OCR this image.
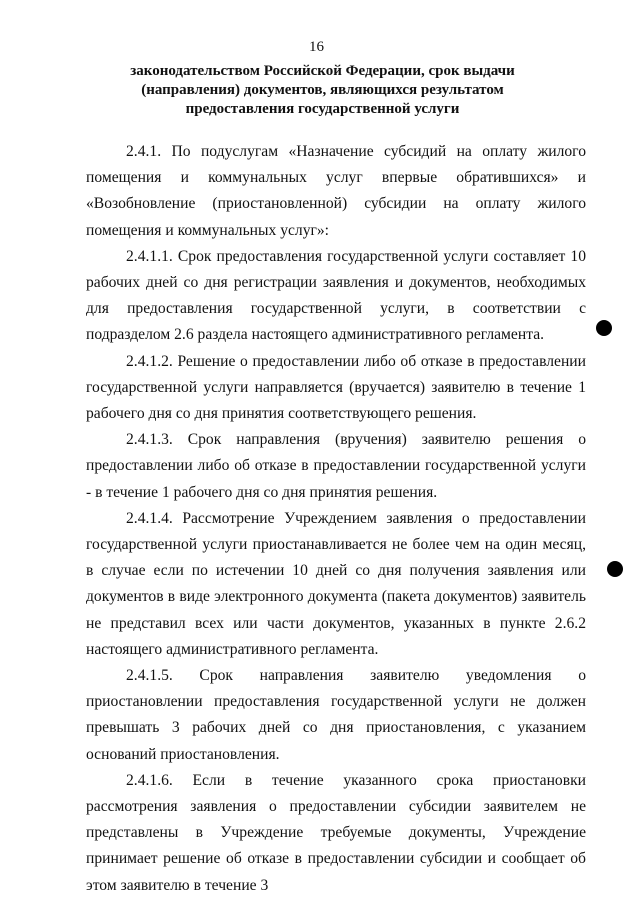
16
законодательством Российской Федерации, срок выдачи
(направления) документов, являющихся результатом
предоставления государственной услуги

2.4.1. По подуслугам «Назначение субсидий на оплату жилого помещения и коммунальных услуг впервые обратившихся» и «Возобновление (приостановленной) субсидии на оплату жилого помещения и коммунальных услуг»:

2.4.1.1. Срок предоставления государственной услуги составляет 10 рабочих дней со дня регистрации заявления и документов, необходимых для предоставления государственной услуги, в соответствии с подразделом 2.6 раздела настоящего административного регламента.

2.4.1.2. Решение о предоставлении либо об отказе в предоставлении государственной услуги направляется (вручается) заявителю в течение 1 рабочего дня со дня принятия соответствующего решения.

2.4.1.3. Срок направления (вручения) заявителю решения о предоставлении либо об отказе в предоставлении государственной услуги - в течение 1 рабочего дня со дня принятия решения.

2.4.1.4. Рассмотрение Учреждением заявления о предоставлении государственной услуги приостанавливается не более чем на один месяц, в случае если по истечении 10 дней со дня получения заявления или документов в виде электронного документа (пакета документов) заявитель не представил всех или части документов, указанных в пункте 2.6.2 настоящего административного регламента.

2.4.1.5. Срок направления заявителю уведомления о приостановлении предоставления государственной услуги не должен превышать 3 рабочих дней со дня приостановления, с указанием оснований приостановления.

2.4.1.6. Если в течение указанного срока приостановки рассмотрения заявления о предоставлении субсидии заявителем не представлены в Учреждение требуемые документы, Учреждение принимает решение об отказе в предоставлении субсидии и сообщает об этом заявителю в течение 3
